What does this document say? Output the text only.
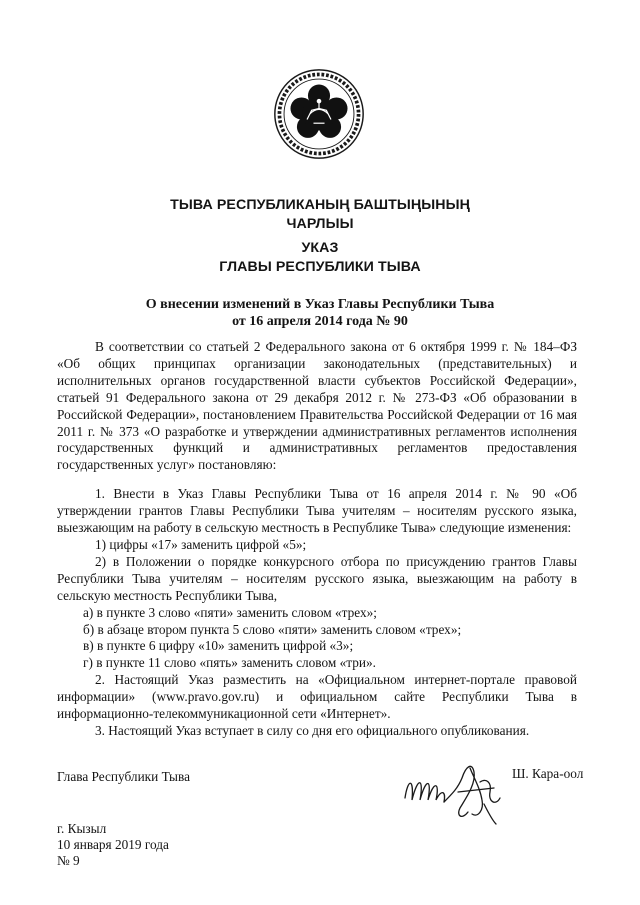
ТЫВА РЕСПУБЛИКАНЫҢ БАШТЫҢЫНЫҢ
ЧАРЛЫЫ
УКАЗ
ГЛАВЫ РЕСПУБЛИКИ ТЫВА
О внесении изменений в Указ Главы Республики Тыва
от 16 апреля 2014 года № 90

В соответствии со статьей 2 Федерального закона от 6 октября 1999 г. № 184–ФЗ «Об общих принципах организации законодательных (представительных) и исполнительных органов государственной власти субъектов Российской Федерации», статьей 91 Федерального закона от 29 декабря 2012 г. № 273-ФЗ «Об образовании в Российской Федерации», постановлением Правительства Российской Федерации от 16 мая 2011 г. № 373 «О разработке и утверждении административных регламентов исполнения государственных функций и административных регламентов предоставления государственных услуг» постановляю:

1. Внести в Указ Главы Республики Тыва от 16 апреля 2014 г. № 90 «Об утверждении грантов Главы Республики Тыва учителям – носителям русского языка, выезжающим на работу в сельскую местность в Республике Тыва» следующие изменения:

1) цифры «17» заменить цифрой «5»;

2) в Положении о порядке конкурсного отбора по присуждению грантов Главы Республики Тыва учителям – носителям русского языка, выезжающим на работу в сельскую местность Республики Тыва,

а) в пункте 3 слово «пяти» заменить словом «трех»;

б) в абзаце втором пункта 5 слово «пяти» заменить словом «трех»;

в) в пункте 6 цифру «10» заменить цифрой «3»;

г) в пункте 11 слово «пять» заменить словом «три».

2. Настоящий Указ разместить на «Официальном интернет-портале правовой информации» (www.pravo.gov.ru) и официальном сайте Республики Тыва в информационно-телекоммуникационной сети «Интернет».

3. Настоящий Указ вступает в силу со дня его официального опубликования.

Глава Республики Тыва	Ш. Кара-оол
г. Кызыл
10 января 2019 года
№ 9
